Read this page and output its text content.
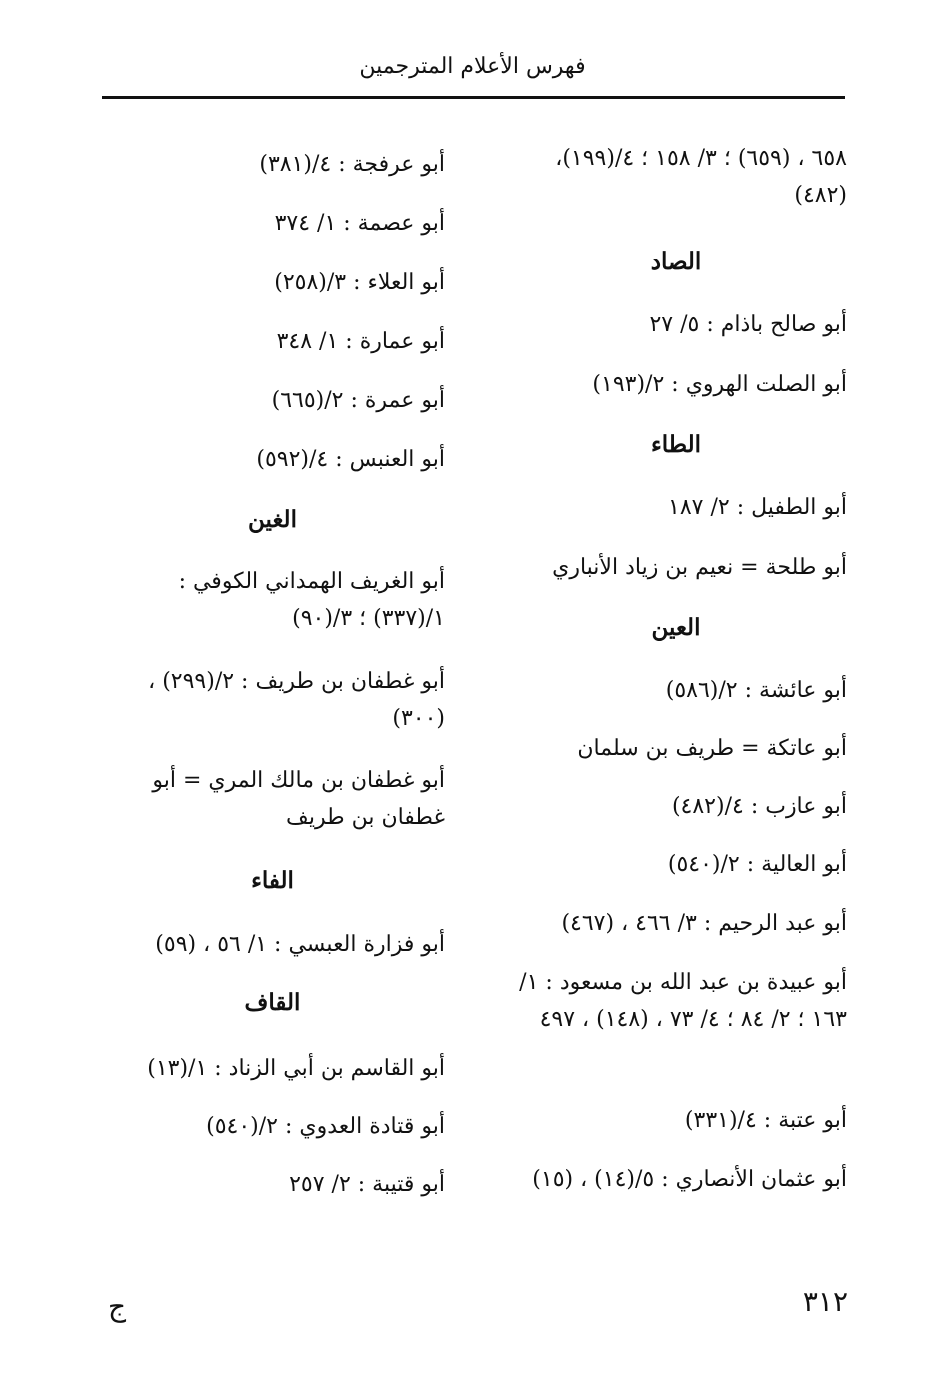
فهرس الأعلام المترجمين
٦٥٨ ، (٦٥٩) ؛ ٣/ ١٥٨ ؛ ٤/(١٩٩)، (٤٨٢)
الصاد
أبو صالح باذام : ٥/ ٢٧
أبو الصلت الهروي : ٢/(١٩٣)
الطاء
أبو الطفيل : ٢/ ١٨٧
أبو طلحة = نعيم بن زياد الأنباري
العين
أبو عائشة : ٢/(٥٨٦)
أبو عاتكة = طريف بن سلمان
أبو عازب : ٤/(٤٨٢)
أبو العالية : ٢/(٥٤٠)
أبو عبد الرحيم : ٣/ ٤٦٦ ، (٤٦٧)
أبو عبيدة بن عبد الله بن مسعود : ١/ ١٦٣ ؛ ٢/ ٨٤ ؛ ٤/ ٧٣ ، (١٤٨) ، ٤٩٧
أبو عتبة : ٤/(٣٣١)
أبو عثمان الأنصاري : ٥/(١٤) ، (١٥)
أبو عرفجة : ٤/(٣٨١)
أبو عصمة : ١/ ٣٧٤
أبو العلاء : ٣/(٢٥٨)
أبو عمارة : ١/ ٣٤٨
أبو عمرة : ٢/(٦٦٥)
أبو العنبس : ٤/(٥٩٢)
الغين
أبو الغريف الهمداني الكوفي : ١/(٣٣٧) ؛ ٣/(٩٠)
أبو غطفان بن طريف : ٢/(٢٩٩) ، (٣٠٠)
أبو غطفان بن مالك المري = أبو غطفان بن طريف
الفاء
أبو فزارة العبسي : ١/ ٥٦ ، (٥٩)
القاف
أبو القاسم بن أبي الزناد : ١/(١٣)
أبو قتادة العدوي : ٢/(٥٤٠)
أبو قتيبة : ٢/ ٢٥٧
٣١٢
ج
